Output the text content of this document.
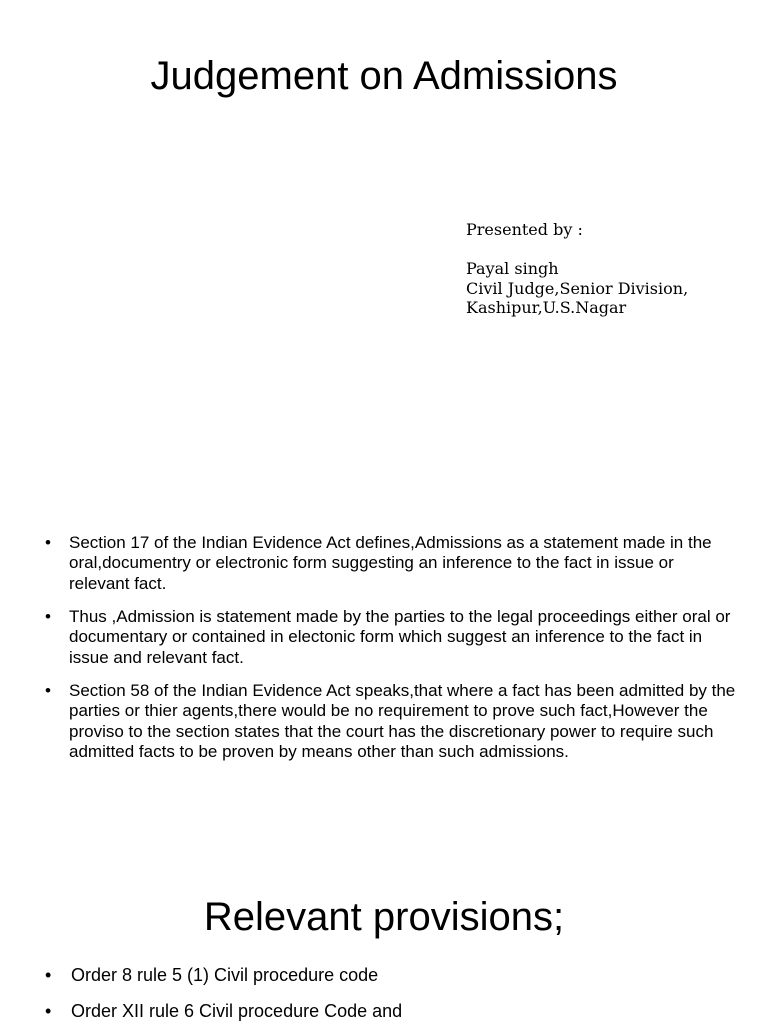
Judgement on Admissions
Presented by :
Payal singh
Civil Judge,Senior Division,
Kashipur,U.S.Nagar
• Section 17 of the Indian Evidence Act defines,Admissions as a statement made in the oral,documentry or electronic form suggesting an inference to the fact in issue or relevant fact.
• Thus ,Admission is statement made by the parties to the legal proceedings either oral or documentary or contained in electonic form which suggest an inference to the fact in issue and relevant fact.
• Section 58 of the Indian Evidence Act speaks,that where a fact has been admitted by the parties or thier agents,there would be no requirement to prove such fact,However the proviso to the section states that the court has the discretionary power to require such admitted facts to be proven by means other than such admissions.
Relevant provisions;
• Order 8 rule 5 (1) Civil procedure code
• Order XII rule 6 Civil procedure Code and
